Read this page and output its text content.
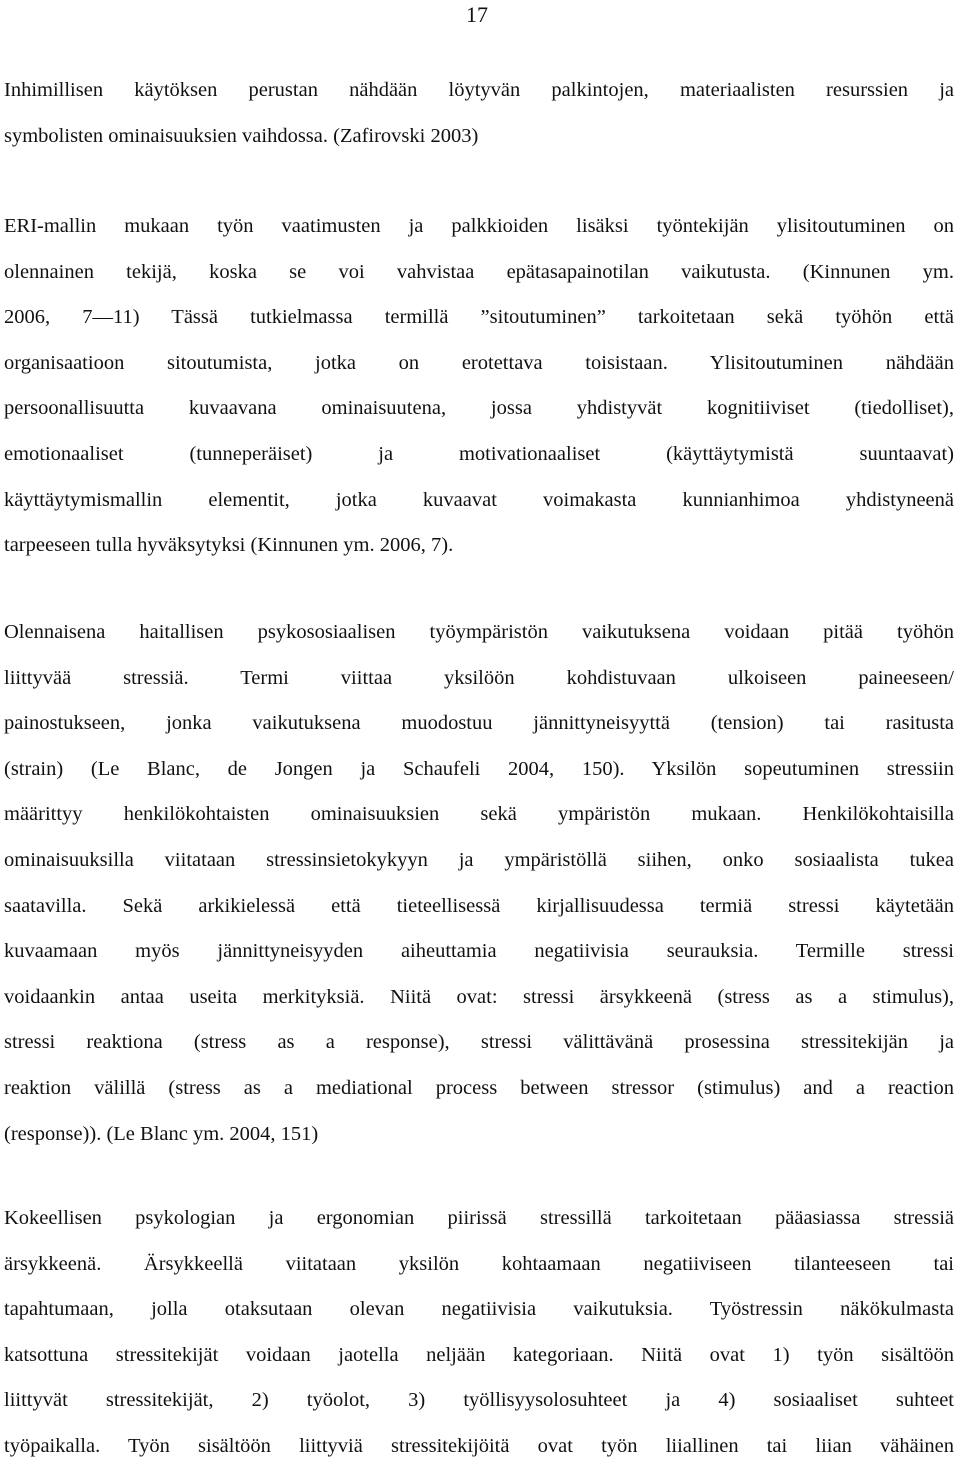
17
Inhimillisen käytöksen perustan nähdään löytyvän palkintojen, materiaalisten resurssien ja
symbolisten ominaisuuksien vaihdossa. (Zafirovski 2003)
ERI-mallin mukaan työn vaatimusten ja palkkioiden lisäksi työntekijän ylisitoutuminen on
olennainen tekijä, koska se voi vahvistaa epätasapainotilan vaikutusta. (Kinnunen ym.
2006, 7—11) Tässä tutkielmassa termillä ”sitoutuminen” tarkoitetaan sekä työhön että
organisaatioon sitoutumista, jotka on erotettava toisistaan. Ylisitoutuminen nähdään
persoonallisuutta kuvaavana ominaisuutena, jossa yhdistyvät kognitiiviset (tiedolliset),
emotionaaliset (tunneperäiset) ja motivationaaliset (käyttäytymistä suuntaavat)
käyttäytymismallin elementit, jotka kuvaavat voimakasta kunnianhimoa yhdistyneenä
tarpeeseen tulla hyväksytyksi (Kinnunen ym. 2006, 7).
Olennaisena haitallisen psykososiaalisen työympäristön vaikutuksena voidaan pitää työhön
liittyvää stressiä. Termi viittaa yksilöön kohdistuvaan ulkoiseen paineeseen/
painostukseen, jonka vaikutuksena muodostuu jännittyneisyyttä (tension) tai rasitusta
(strain) (Le Blanc, de Jongen ja Schaufeli 2004, 150). Yksilön sopeutuminen stressiin
määrittyy henkilökohtaisten ominaisuuksien sekä ympäristön mukaan. Henkilökohtaisilla
ominaisuuksilla viitataan stressinsietokykyyn ja ympäristöllä siihen, onko sosiaalista tukea
saatavilla. Sekä arkikielessä että tieteellisessä kirjallisuudessa termiä stressi käytetään
kuvaamaan myös jännittyneisyyden aiheuttamia negatiivisia seurauksia. Termille stressi
voidaankin antaa useita merkityksiä. Niitä ovat: stressi ärsykkeenä (stress as a stimulus),
stressi reaktiona (stress as a response), stressi välittävänä prosessina stressitekijän ja
reaktion välillä (stress as a mediational process between stressor (stimulus) and a reaction
(response)). (Le Blanc ym. 2004, 151)
Kokeellisen psykologian ja ergonomian piirissä stressillä tarkoitetaan pääasiassa stressiä
ärsykkeenä. Ärsykkeellä viitataan yksilön kohtaamaan negatiiviseen tilanteeseen tai
tapahtumaan, jolla otaksutaan olevan negatiivisia vaikutuksia. Työstressin näkökulmasta
katsottuna stressitekijät voidaan jaotella neljään kategoriaan. Niitä ovat 1) työn sisältöön
liittyvät stressitekijät, 2) työolot, 3) työllisyysolosuhteet ja 4) sosiaaliset suhteet
työpaikalla. Työn sisältöön liittyviä stressitekijöitä ovat työn liiallinen tai liian vähäinen
